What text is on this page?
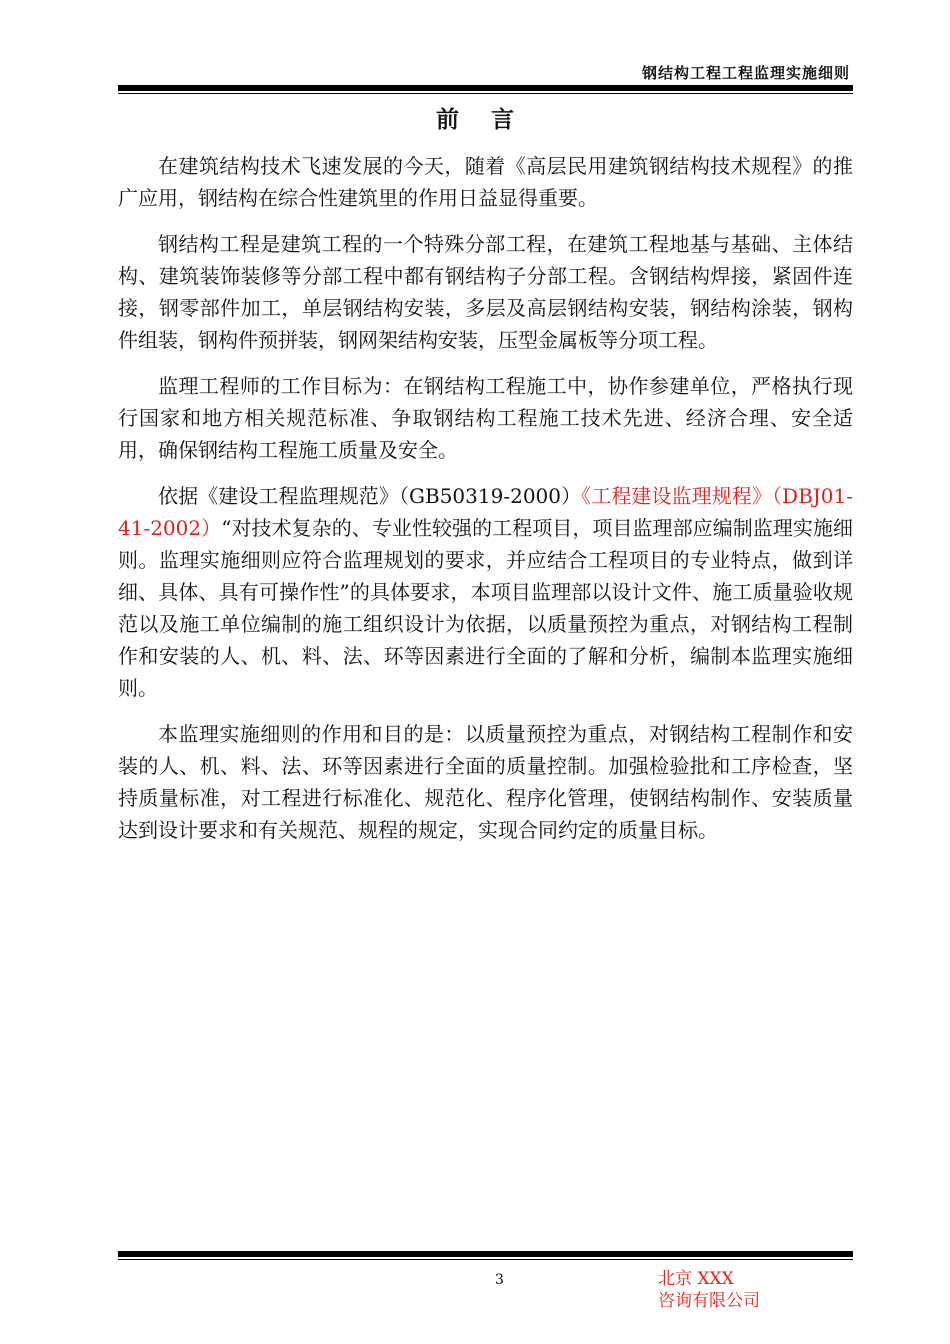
钢结构工程工程监理实施细则
前言

在建筑结构技术飞速发展的今天，随着《高层民用建筑钢结构技术规程》的推广应用，钢结构在综合性建筑里的作用日益显得重要。

钢结构工程是建筑工程的一个特殊分部工程，在建筑工程地基与基础、主体结构、建筑装饰装修等分部工程中都有钢结构子分部工程。含钢结构焊接，紧固件连接，钢零部件加工，单层钢结构安装，多层及高层钢结构安装，钢结构涂装，钢构件组装，钢构件预拼装，钢网架结构安装，压型金属板等分项工程。

监理工程师的工作目标为：在钢结构工程施工中，协作参建单位，严格执行现行国家和地方相关规范标准、争取钢结构工程施工技术先进、经济合理、安全适用，确保钢结构工程施工质量及安全。

依据《建设工程监理规范》（GB50319-2000）《工程建设监理规程》（DBJ01-41-2002）“对技术复杂的、专业性较强的工程项目，项目监理部应编制监理实施细则。监理实施细则应符合监理规划的要求，并应结合工程项目的专业特点，做到详细、具体、具有可操作性”的具体要求，本项目监理部以设计文件、施工质量验收规范以及施工单位编制的施工组织设计为依据，以质量预控为重点，对钢结构工程制作和安装的人、机、料、法、环等因素进行全面的了解和分析，编制本监理实施细则。

本监理实施细则的作用和目的是：以质量预控为重点，对钢结构工程制作和安装的人、机、料、法、环等因素进行全面的质量控制。加强检验批和工序检查，坚持质量标准，对工程进行标准化、规范化、程序化管理，使钢结构制作、安装质量达到设计要求和有关规范、规程的规定，实现合同约定的质量目标。

3	北京 XXX
咨询有限公司
